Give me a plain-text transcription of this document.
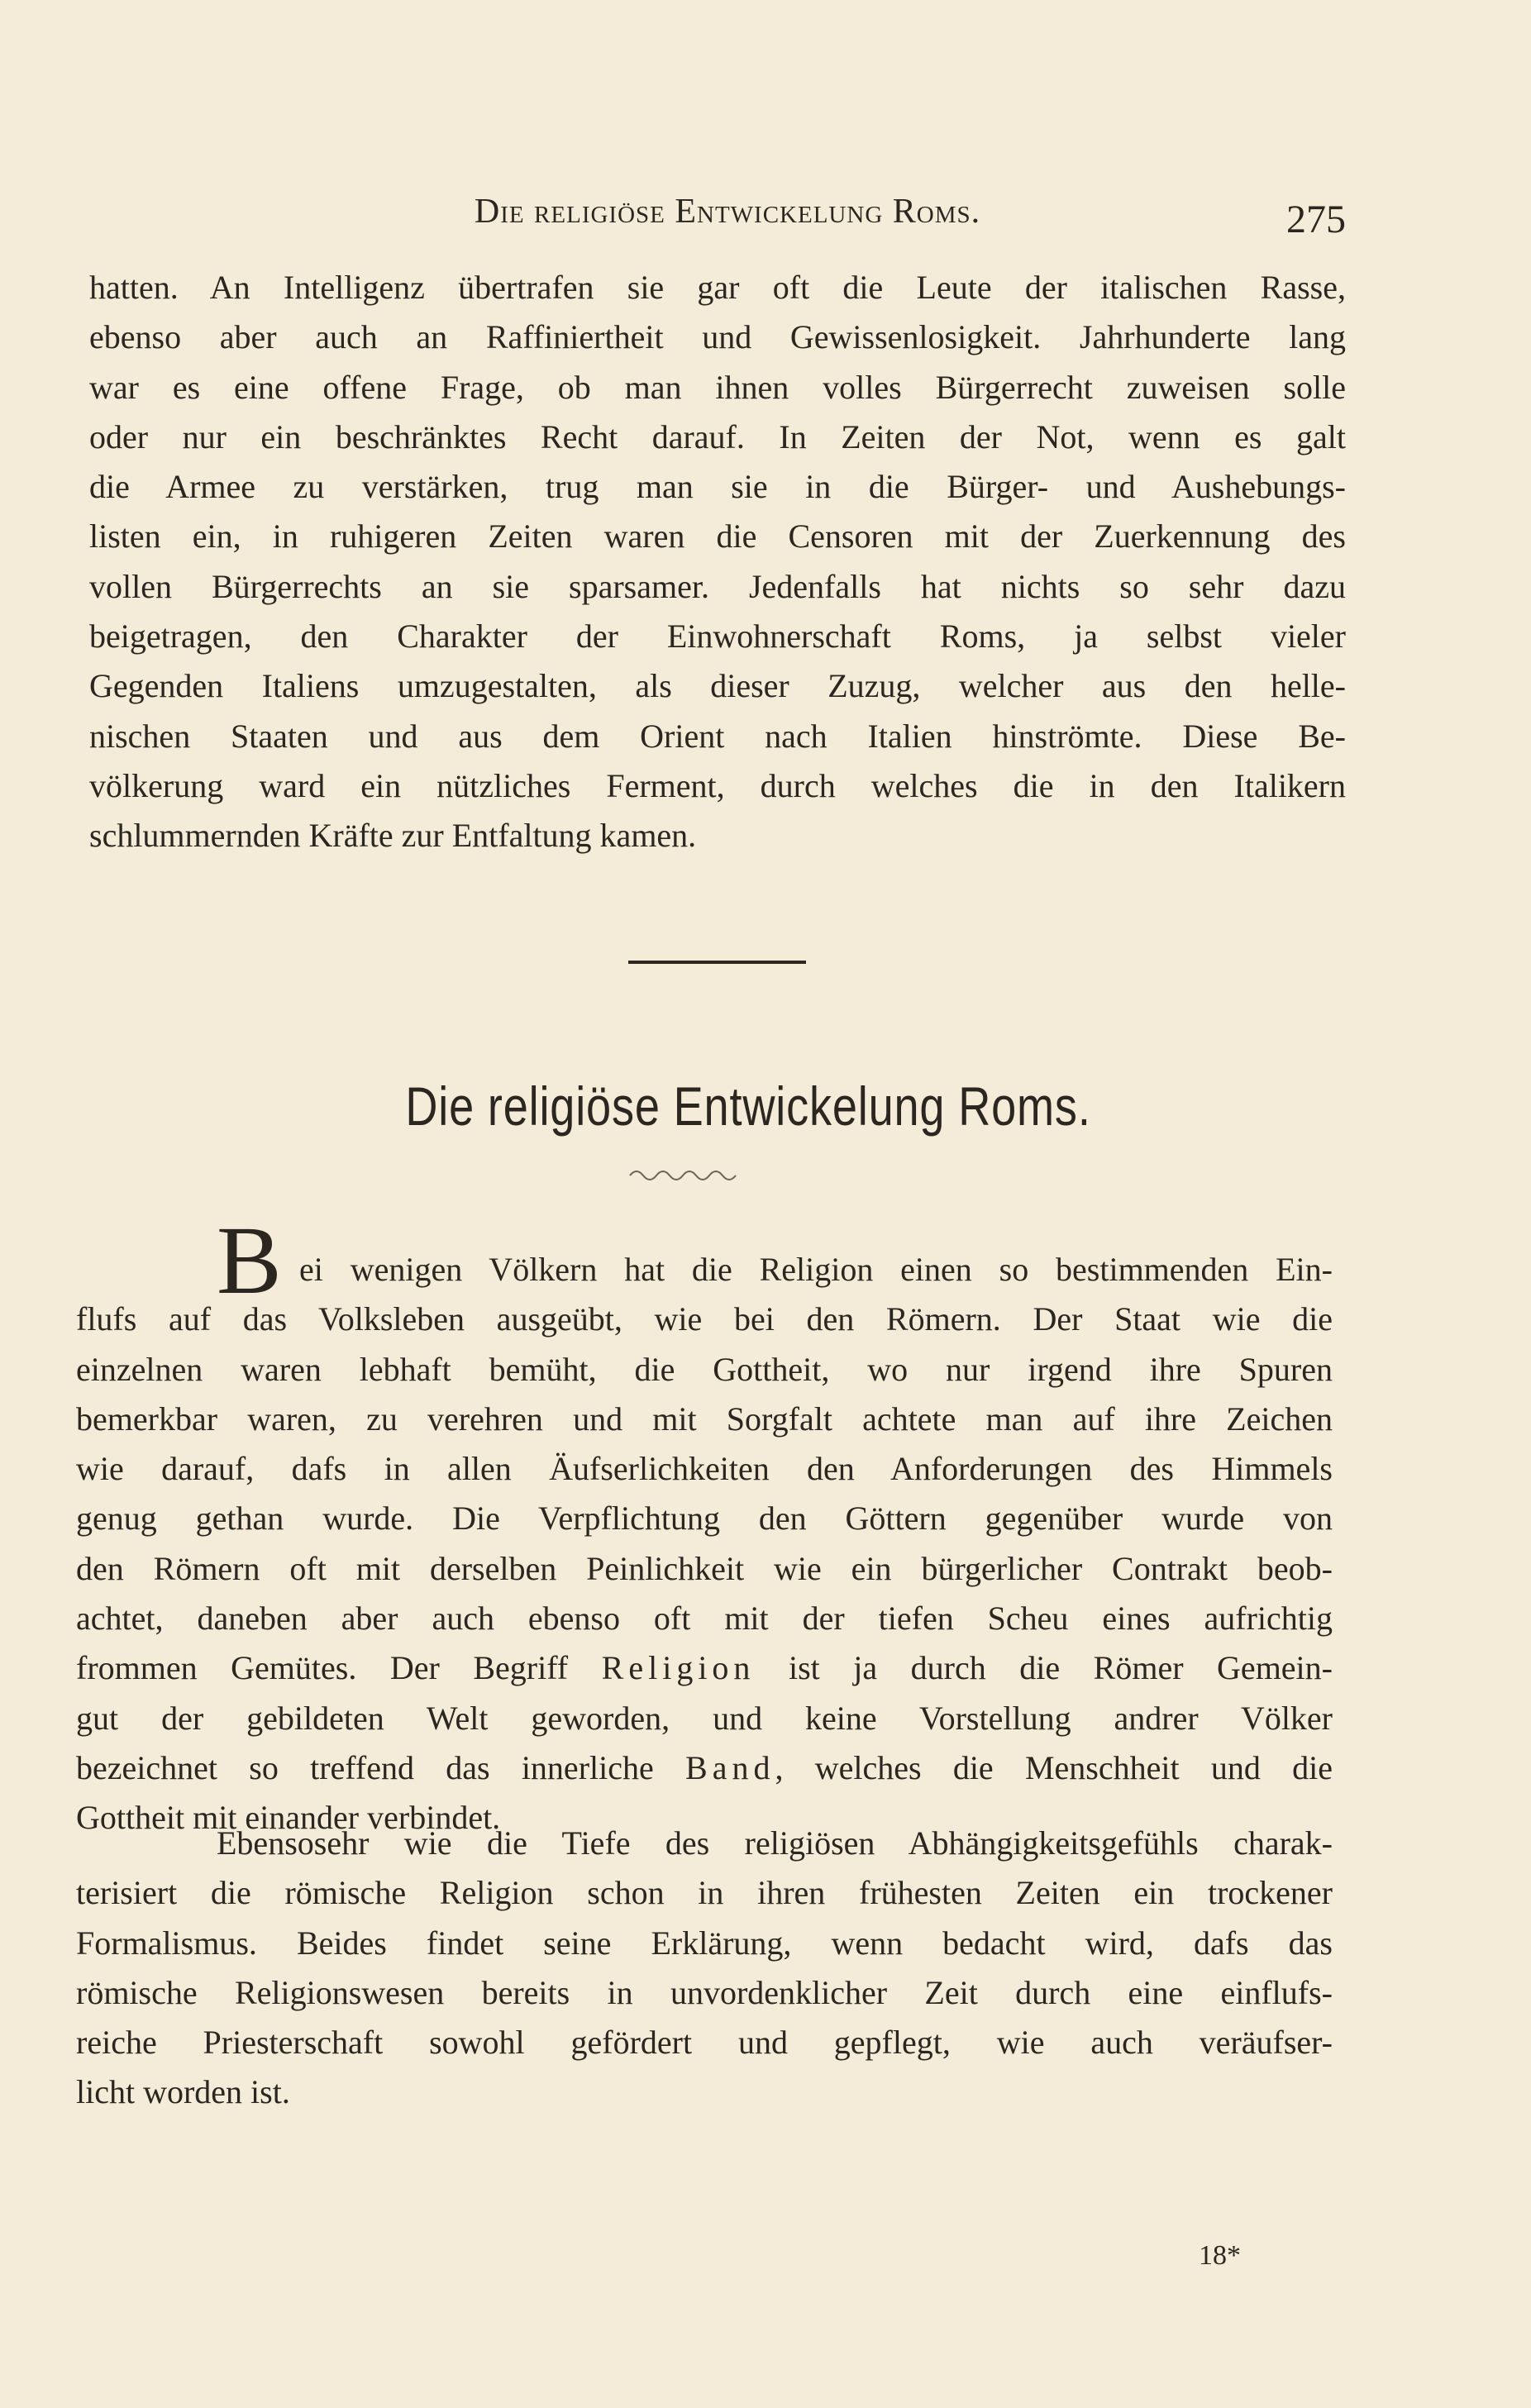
Die religiöse Entwickelung Roms.	275
hatten. An Intelligenz übertrafen sie gar oft die Leute der italischen Rasse,
ebenso aber auch an Raffiniertheit und Gewissenlosigkeit. Jahrhunderte lang
war es eine offene Frage, ob man ihnen volles Bürgerrecht zuweisen solle
oder nur ein beschränktes Recht darauf. In Zeiten der Not, wenn es galt
die Armee zu verstärken, trug man sie in die Bürger- und Aushebungs-
listen ein, in ruhigeren Zeiten waren die Censoren mit der Zuerkennung des
vollen Bürgerrechts an sie sparsamer. Jedenfalls hat nichts so sehr dazu
beigetragen, den Charakter der Einwohnerschaft Roms, ja selbst vieler
Gegenden Italiens umzugestalten, als dieser Zuzug, welcher aus den helle-
nischen Staaten und aus dem Orient nach Italien hinströmte. Diese Be-
völkerung ward ein nützliches Ferment, durch welches die in den Italikern
schlummernden Kräfte zur Entfaltung kamen.
Die religiöse Entwickelung Roms.
B ei wenigen Völkern hat die Religion einen so bestimmenden Ein-
flufs auf das Volksleben ausgeübt, wie bei den Römern. Der Staat wie die
einzelnen waren lebhaft bemüht, die Gottheit, wo nur irgend ihre Spuren
bemerkbar waren, zu verehren und mit Sorgfalt achtete man auf ihre Zeichen
wie darauf, dafs in allen Äufserlichkeiten den Anforderungen des Himmels
genug gethan wurde. Die Verpflichtung den Göttern gegenüber wurde von
den Römern oft mit derselben Peinlichkeit wie ein bürgerlicher Contrakt beob-
achtet, daneben aber auch ebenso oft mit der tiefen Scheu eines aufrichtig
frommen Gemütes. Der Begriff Religion ist ja durch die Römer Gemein-
gut der gebildeten Welt geworden, und keine Vorstellung andrer Völker
bezeichnet so treffend das innerliche Band, welches die Menschheit und die
Gottheit mit einander verbindet.
Ebensosehr wie die Tiefe des religiösen Abhängigkeitsgefühls charak-
terisiert die römische Religion schon in ihren frühesten Zeiten ein trockener
Formalismus. Beides findet seine Erklärung, wenn bedacht wird, dafs das
römische Religionswesen bereits in unvordenklicher Zeit durch eine einflufs-
reiche Priesterschaft sowohl gefördert und gepflegt, wie auch veräufser-
licht worden ist.
18*
